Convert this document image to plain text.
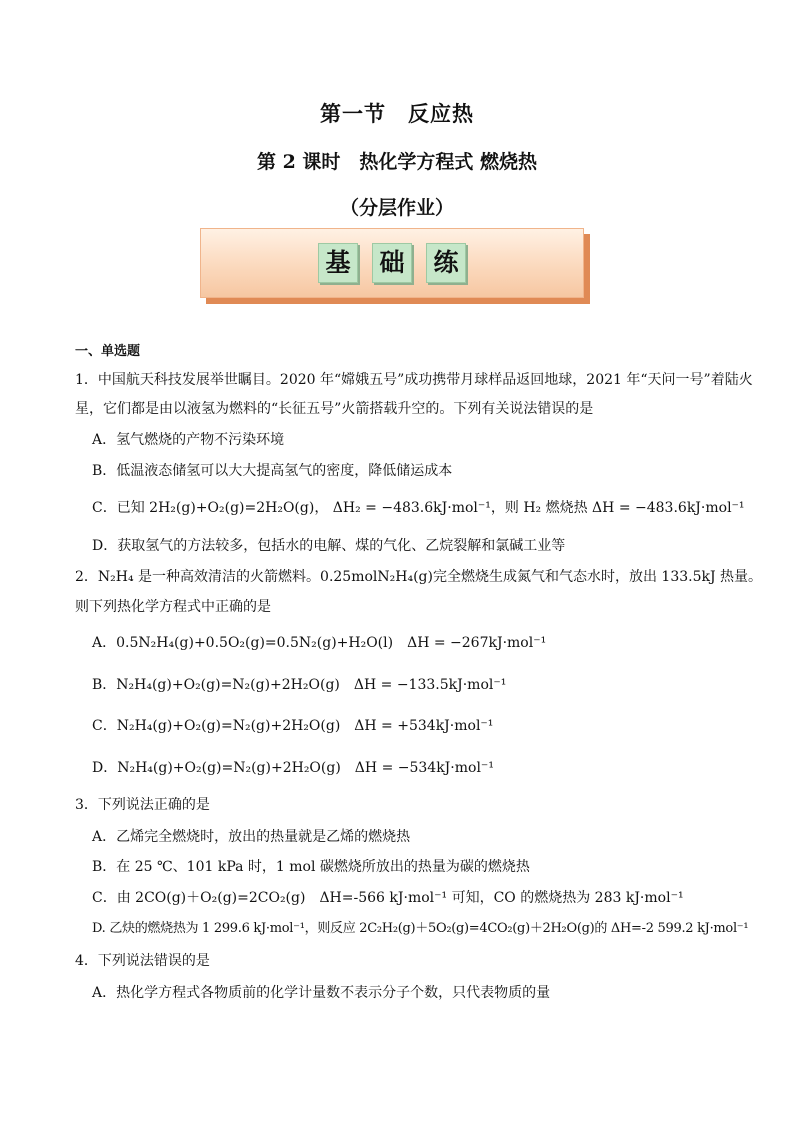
第一节　反应热
第 2 课时　热化学方程式 燃烧热
（分层作业）
基	础	练
一、单选题
1．中国航天科技发展举世瞩目。2020 年“嫦娥五号”成功携带月球样品返回地球，2021 年“天问一号”着陆火
星，它们都是由以液氢为燃料的“长征五号”火箭搭载升空的。下列有关说法错误的是
A．氢气燃烧的产物不污染环境
B．低温液态储氢可以大大提高氢气的密度，降低储运成本
C．已知 2H₂(g)+O₂(g)=2H₂O(g)， ΔH₂ = −483.6kJ·mol⁻¹，则 H₂ 燃烧热 ΔH = −483.6kJ·mol⁻¹
D．获取氢气的方法较多，包括水的电解、煤的气化、乙烷裂解和氯碱工业等
2．N₂H₄ 是一种高效清洁的火箭燃料。0.25molN₂H₄(g)完全燃烧生成氮气和气态水时，放出 133.5kJ 热量。
则下列热化学方程式中正确的是
A．0.5N₂H₄(g)+0.5O₂(g)=0.5N₂(g)+H₂O(l)　ΔH = −267kJ·mol⁻¹
B．N₂H₄(g)+O₂(g)=N₂(g)+2H₂O(g)　ΔH = −133.5kJ·mol⁻¹
C．N₂H₄(g)+O₂(g)=N₂(g)+2H₂O(g)　ΔH = +534kJ·mol⁻¹
D．N₂H₄(g)+O₂(g)=N₂(g)+2H₂O(g)　ΔH = −534kJ·mol⁻¹
3．下列说法正确的是
A．乙烯完全燃烧时，放出的热量就是乙烯的燃烧热
B．在 25 ℃、101 kPa 时，1 mol 碳燃烧所放出的热量为碳的燃烧热
C．由 2CO(g)＋O₂(g)=2CO₂(g)　ΔH=-566 kJ·mol⁻¹ 可知，CO 的燃烧热为 283 kJ·mol⁻¹
D. 乙炔的燃烧热为 1 299.6 kJ·mol⁻¹，则反应 2C₂H₂(g)＋5O₂(g)=4CO₂(g)＋2H₂O(g)的 ΔH=-2 599.2 kJ·mol⁻¹
4．下列说法错误的是
A．热化学方程式各物质前的化学计量数不表示分子个数，只代表物质的量
